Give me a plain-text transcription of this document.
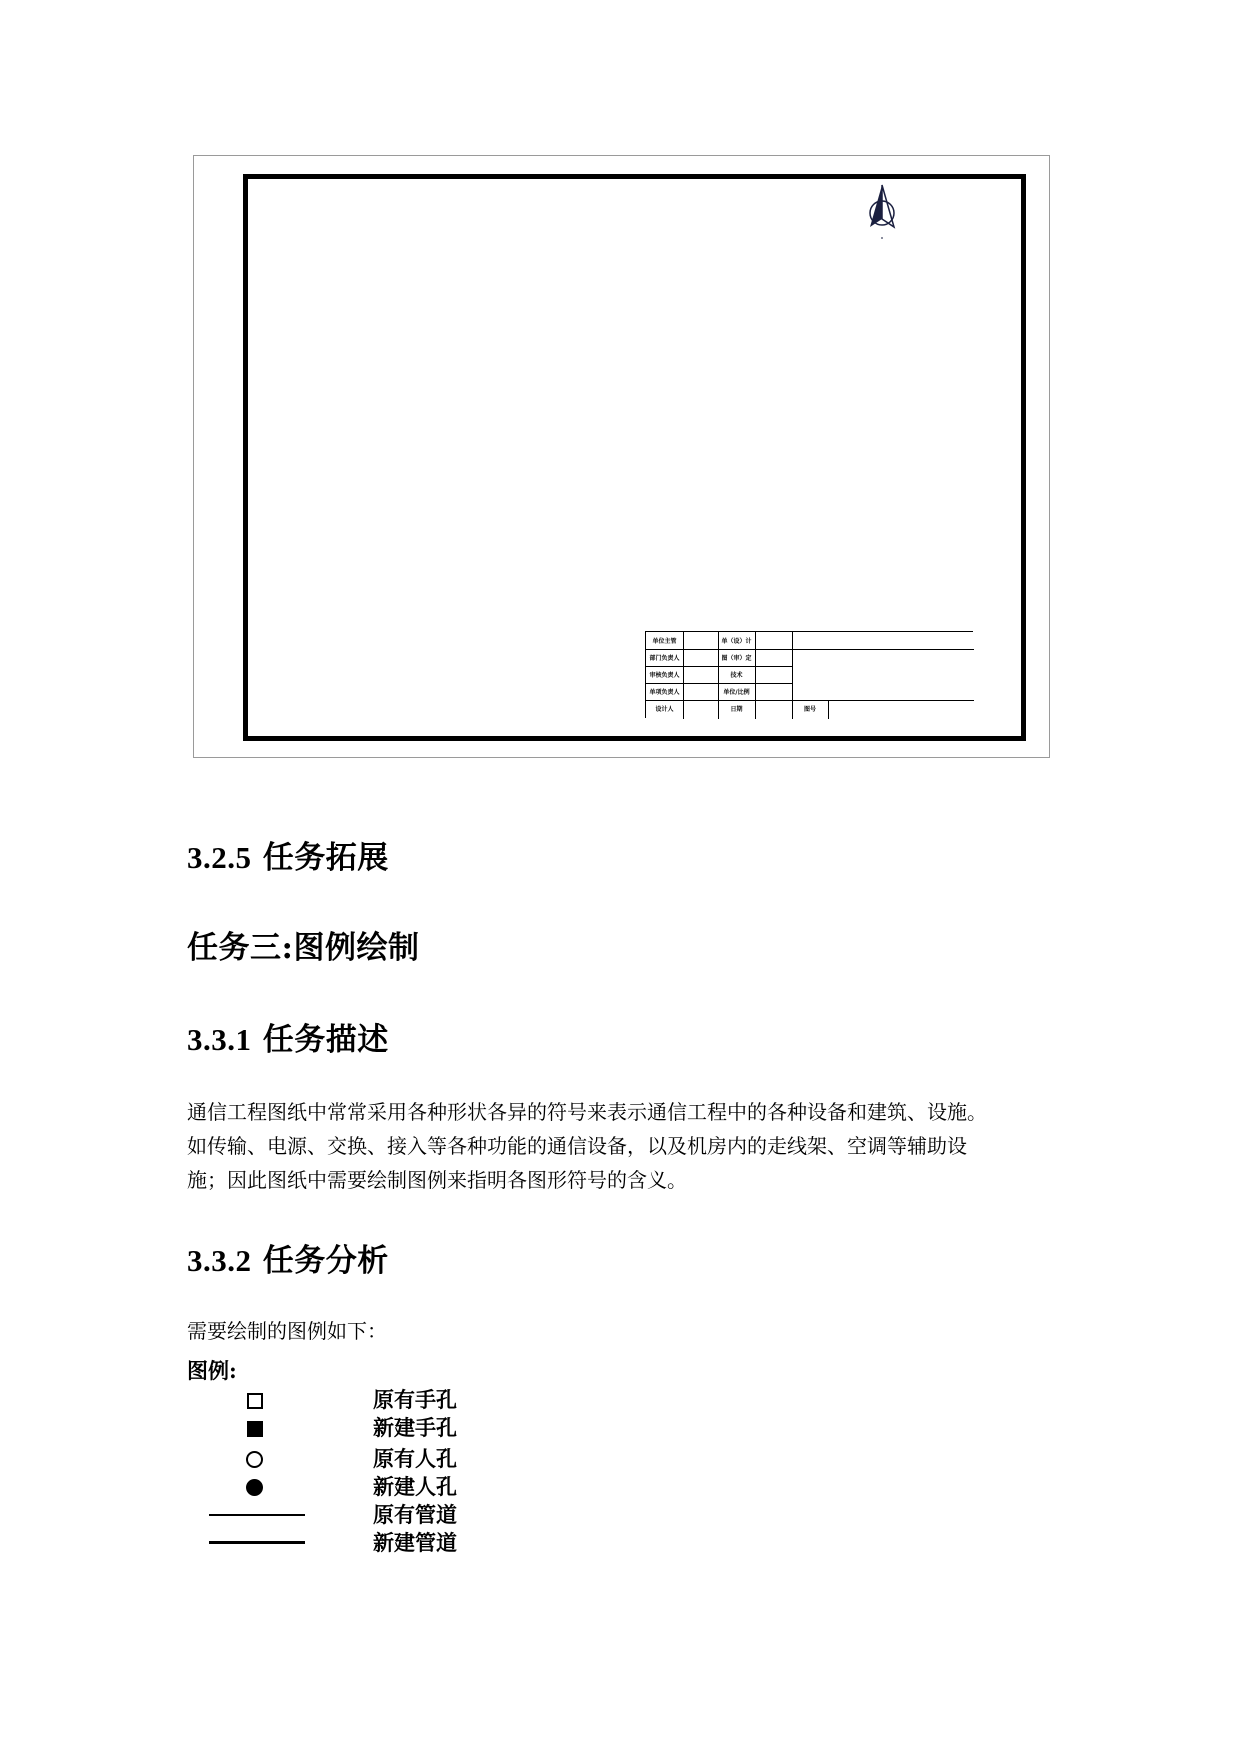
单位主管
部门负责人
审核负责人
单项负责人
设计人
单（设）计
图（审）定
技术
单位/比例
日期	图号
3.2.5 任务拓展
任务三:图例绘制
3.3.1 任务描述

通信工程图纸中常常采用各种形状各异的符号来表示通信工程中的各种设备和建筑、设施。
如传输、电源、交换、接入等各种功能的通信设备，以及机房内的走线架、空调等辅助设
施；因此图纸中需要绘制图例来指明各图形符号的含义。

3.3.2 任务分析

需要绘制的图例如下：

图例:
原有手孔
新建手孔
原有人孔
新建人孔
原有管道
新建管道
